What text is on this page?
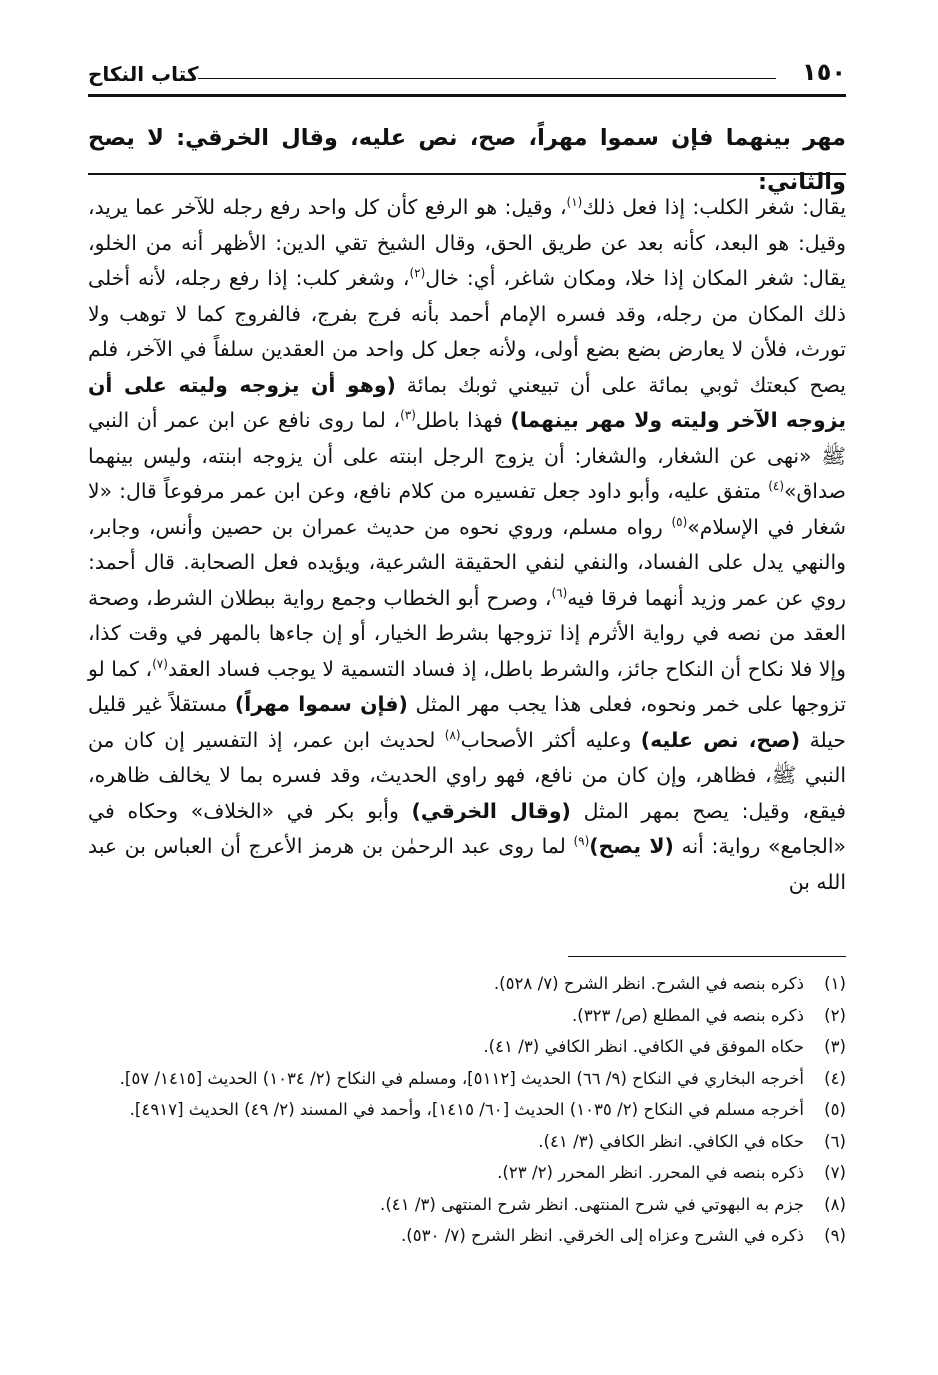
١٥٠
كتاب النكاح
مهر بينهما فإن سموا مهراً، صح، نص عليه، وقال الخرقي: لا يصح والثاني:

يقال: شغر الكلب: إذا فعل ذلك$^{(١)}$، وقيل: هو الرفع كأن كل واحد رفع رجله للآخر عما يريد، وقيل: هو البعد، كأنه بعد عن طريق الحق، وقال الشيخ تقي الدين: الأظهر أنه من الخلو، يقال: شغر المكان إذا خلا، ومكان شاغر، أي: خال$^{(٢)}$، وشغر كلب: إذا رفع رجله، لأنه أخلى ذلك المكان من رجله، وقد فسره الإمام أحمد بأنه فرج بفرج، فالفروج كما لا توهب ولا تورث، فلأن لا يعارض بضع بضع أولى، ولأنه جعل كل واحد من العقدين سلفاً في الآخر، فلم يصح كبعتك ثوبي بمائة على أن تبيعني ثوبك بمائة (وهو أن يزوجه وليته على أن يزوجه الآخر وليته ولا مهر بينهما) فهذا باطل$^{(٣)}$، لما روى نافع عن ابن عمر أن النبي ﷺ «نهى عن الشغار، والشغار: أن يزوج الرجل ابنته على أن يزوجه ابنته، وليس بينهما صداق»$^{(٤)}$ متفق عليه، وأبو داود جعل تفسيره من كلام نافع، وعن ابن عمر مرفوعاً قال: «لا شغار في الإسلام»$^{(٥)}$ رواه مسلم، وروي نحوه من حديث عمران بن حصين وأنس، وجابر، والنهي يدل على الفساد، والنفي لنفي الحقيقة الشرعية، ويؤيده فعل الصحابة. قال أحمد: روي عن عمر وزيد أنهما فرقا فيه$^{(٦)}$، وصرح أبو الخطاب وجمع رواية ببطلان الشرط، وصحة العقد من نصه في رواية الأثرم إذا تزوجها بشرط الخيار، أو إن جاءها بالمهر في وقت كذا، وإلا فلا نكاح أن النكاح جائز، والشرط باطل، إذ فساد التسمية لا يوجب فساد العقد$^{(٧)}$، كما لو تزوجها على خمر ونحوه، فعلى هذا يجب مهر المثل (فإن سموا مهراً) مستقلاً غير قليل حيلة (صح، نص عليه) وعليه أكثر الأصحاب$^{(٨)}$ لحديث ابن عمر، إذ التفسير إن كان من النبي ﷺ، فظاهر، وإن كان من نافع، فهو راوي الحديث، وقد فسره بما لا يخالف ظاهره، فيقع، وقيل: يصح بمهر المثل (وقال الخرقي) وأبو بكر في «الخلاف» وحكاه في «الجامع» رواية: أنه (لا يصح)$^{(٩)}$ لما روى عبد الرحمٰن بن هرمز الأعرج أن العباس بن عبد الله بن

(١)
ذكره بنصه في الشرح. انظر الشرح (٧/ ٥٢٨).
(٢)
ذكره بنصه في المطلع (ص/ ٣٢٣).
(٣)
حكاه الموفق في الكافي. انظر الكافي (٣/ ٤١).
(٤)
أخرجه البخاري في النكاح (٩/ ٦٦) الحديث [٥١١٢]، ومسلم في النكاح (٢/ ١٠٣٤) الحديث [١٤١٥/ ٥٧].
(٥)
أخرجه مسلم في النكاح (٢/ ١٠٣٥) الحديث [٦٠/ ١٤١٥]، وأحمد في المسند (٢/ ٤٩) الحديث [٤٩١٧].
(٦)
حكاه في الكافي. انظر الكافي (٣/ ٤١).
(٧)
ذكره بنصه في المحرر. انظر المحرر (٢/ ٢٣).
(٨)
جزم به البهوتي في شرح المنتهى. انظر شرح المنتهى (٣/ ٤١).
(٩)
ذكره في الشرح وعزاه إلى الخرقي. انظر الشرح (٧/ ٥٣٠).
